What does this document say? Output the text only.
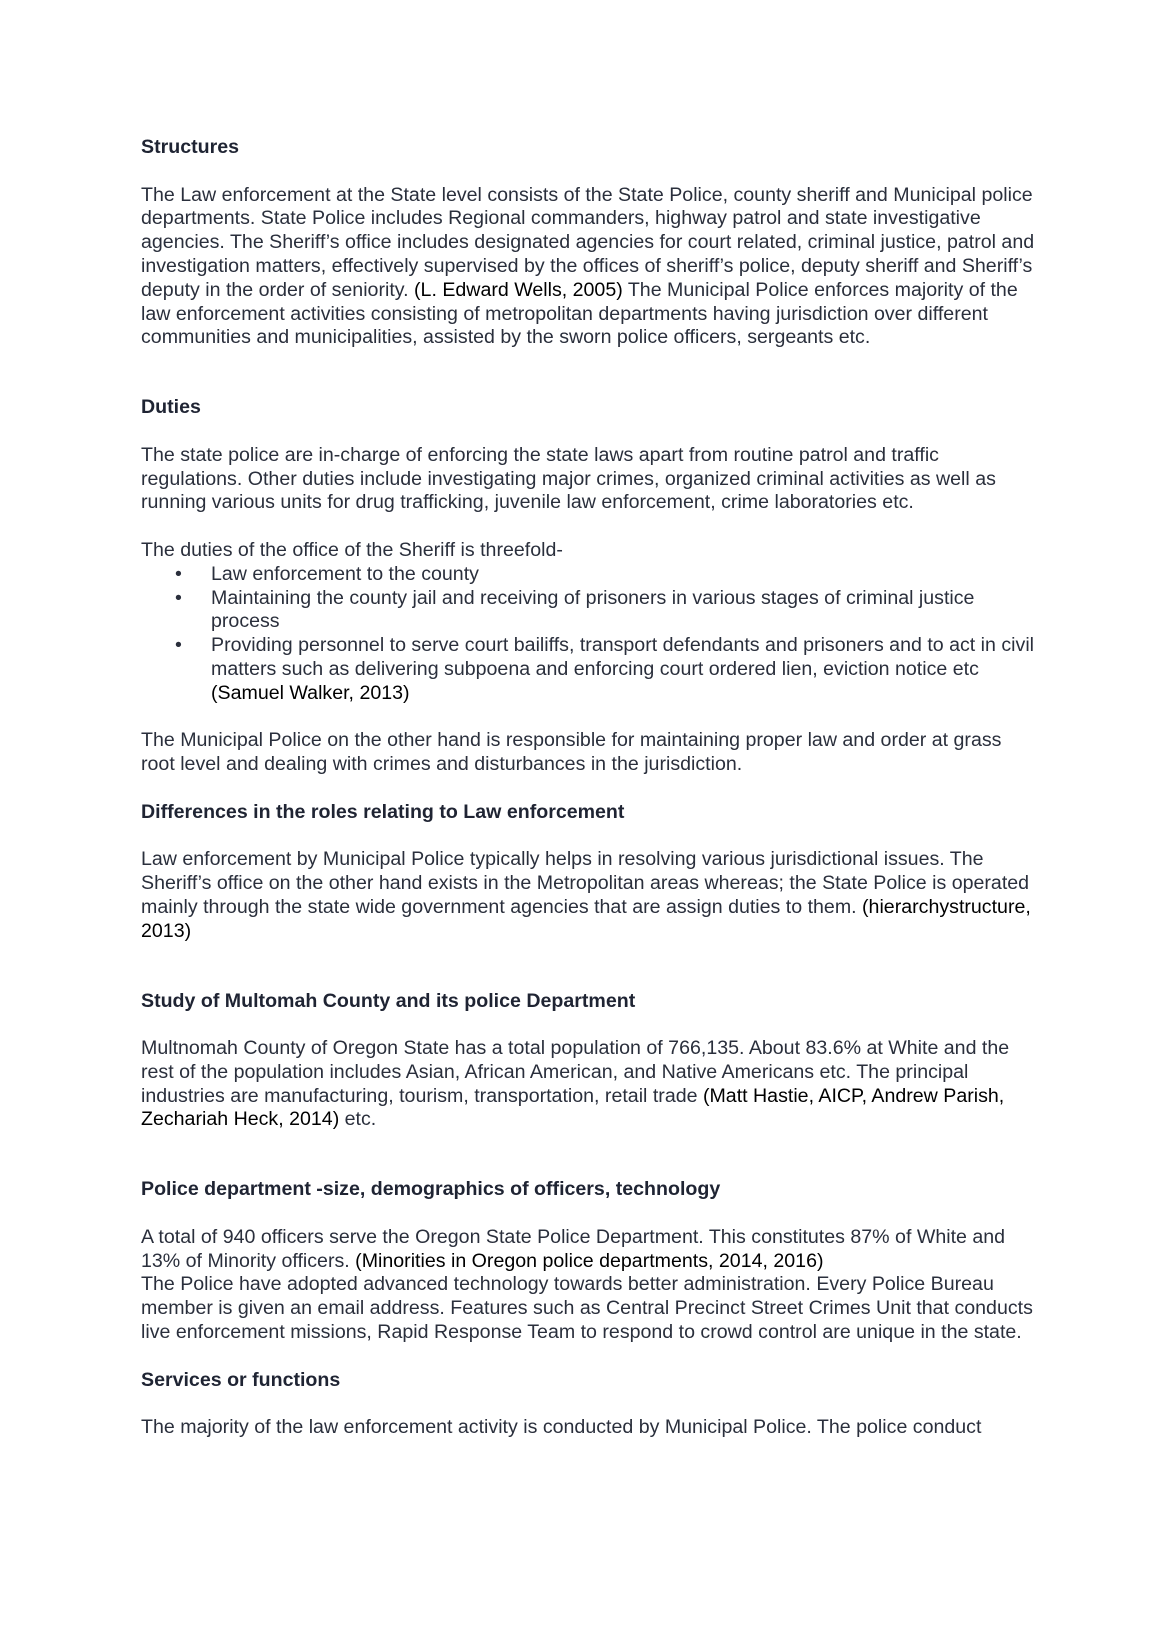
Structures

The Law enforcement at the State level consists of the State Police, county sheriff and Municipal police departments. State Police includes Regional commanders, highway patrol and state investigative agencies. The Sheriff’s office includes designated agencies for court related, criminal justice, patrol and investigation matters, effectively supervised by the offices of sheriff’s police, deputy sheriff and Sheriff’s deputy in the order of seniority. (L. Edward Wells, 2005) The Municipal Police enforces majority of the law enforcement activities consisting of metropolitan departments having jurisdiction over different communities and municipalities, assisted by the sworn police officers, sergeants etc.

Duties

The state police are in-charge of enforcing the state laws apart from routine patrol and traffic regulations. Other duties include investigating major crimes, organized criminal activities as well as running various units for drug trafficking, juvenile law enforcement, crime laboratories etc.

The duties of the office of the Sheriff is threefold-

• Law enforcement to the county
• Maintaining the county jail and receiving of prisoners in various stages of criminal justice process
• Providing personnel to serve court bailiffs, transport defendants and prisoners and to act in civil matters such as delivering subpoena and enforcing court ordered lien, eviction notice etc (Samuel Walker, 2013)

The Municipal Police on the other hand is responsible for maintaining proper law and order at grass root level and dealing with crimes and disturbances in the jurisdiction.

Differences in the roles relating to Law enforcement

Law enforcement by Municipal Police typically helps in resolving various jurisdictional issues. The Sheriff’s office on the other hand exists in the Metropolitan areas whereas; the State Police is operated mainly through the state wide government agencies that are assign duties to them. (hierarchystructure, 2013)

Study of Multomah County and its police Department

Multnomah County of Oregon State has a total population of 766,135. About 83.6% at White and the rest of the population includes Asian, African American, and Native Americans etc. The principal industries are manufacturing, tourism, transportation, retail trade (Matt Hastie, AICP, Andrew Parish, Zechariah Heck, 2014) etc.

Police department -size, demographics of officers, technology

A total of 940 officers serve the Oregon State Police Department. This constitutes 87% of White and 13% of Minority officers. (Minorities in Oregon police departments, 2014, 2016)

The Police have adopted advanced technology towards better administration. Every Police Bureau member is given an email address. Features such as Central Precinct Street Crimes Unit that conducts live enforcement missions, Rapid Response Team to respond to crowd control are unique in the state.

Services or functions

The majority of the law enforcement activity is conducted by Municipal Police. The police conduct
